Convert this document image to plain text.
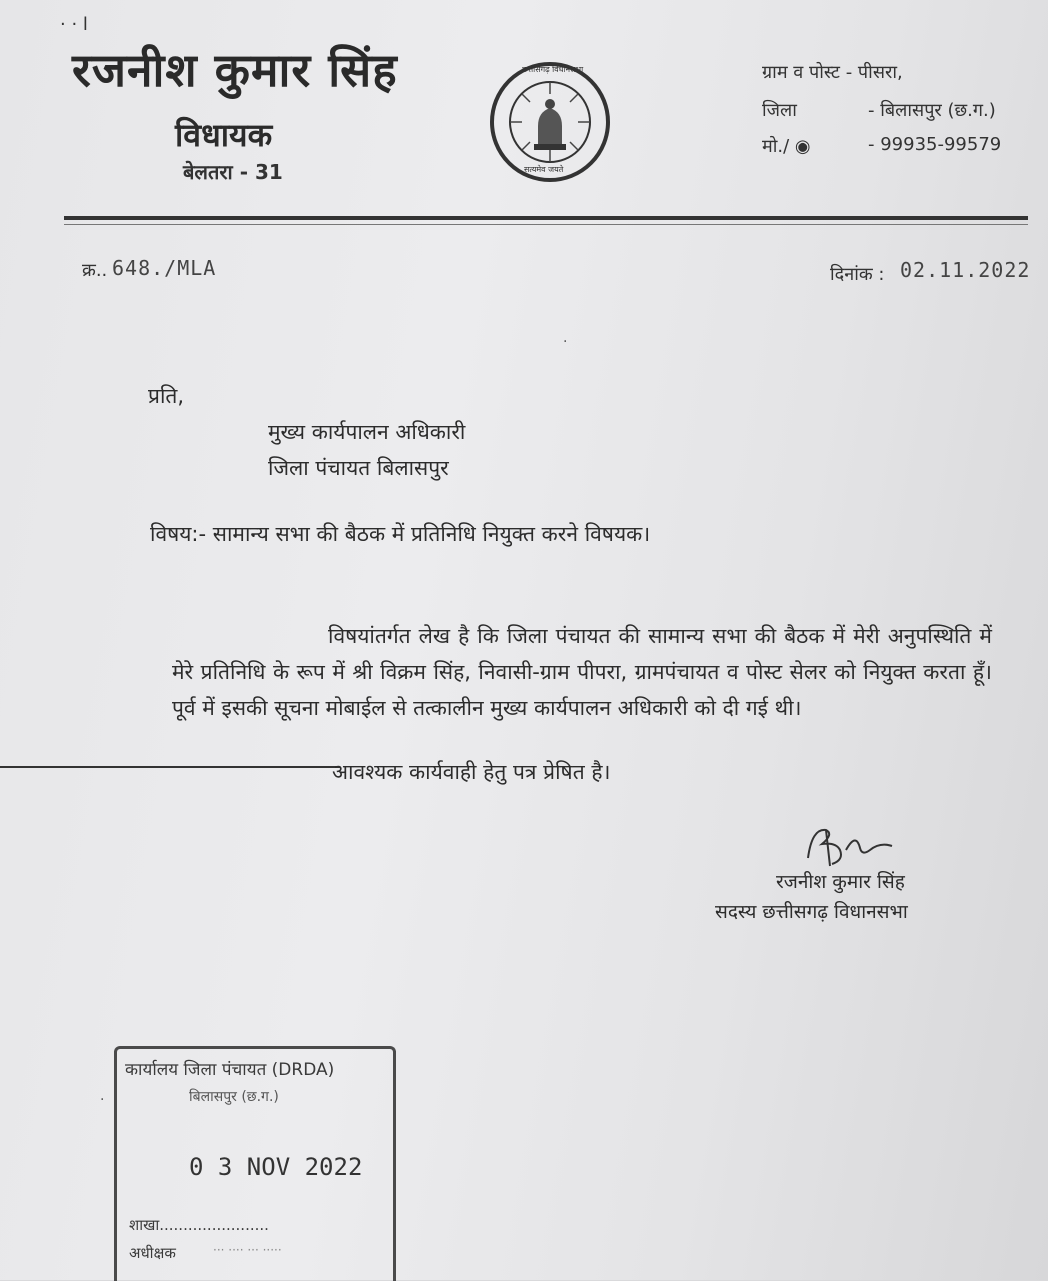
· · l
रजनीश कुमार सिंह
विधायक
बेलतरा - 31
छत्तीसगढ़ विधानसभा
सत्यमेव जयते
ग्राम व पोस्ट - पीसरा,
जिला	- बिलासपुर (छ.ग.)
मो./ ◉	- 99935-99579
क्र.. 648./MLA	दिनांक : 02.11.2022
प्रति,
मुख्य कार्यपालन अधिकारी
जिला पंचायत बिलासपुर
विषय:- सामान्य सभा की बैठक में प्रतिनिधि नियुक्त करने विषयक।
विषयांतर्गत लेख है कि जिला पंचायत की सामान्य सभा की बैठक में मेरी अनुपस्थिति में मेरे प्रतिनिधि के रूप में श्री विक्रम सिंह, निवासी-ग्राम पीपरा, ग्रामपंचायत व पोस्ट सेलर को नियुक्त करता हूँ। पूर्व में इसकी सूचना मोबाईल से तत्कालीन मुख्य कार्यपालन अधिकारी को दी गई थी।
आवश्यक कार्यवाही हेतु पत्र प्रेषित है।
रजनीश कुमार सिंह
सदस्य छत्तीसगढ़ विधानसभा
कार्यालय जिला पंचायत (DRDA)
बिलासपुर (छ.ग.)
0 3 NOV 2022
शाखा.......................
अधीक्षक	··· ···· ··· ·····
·
·
